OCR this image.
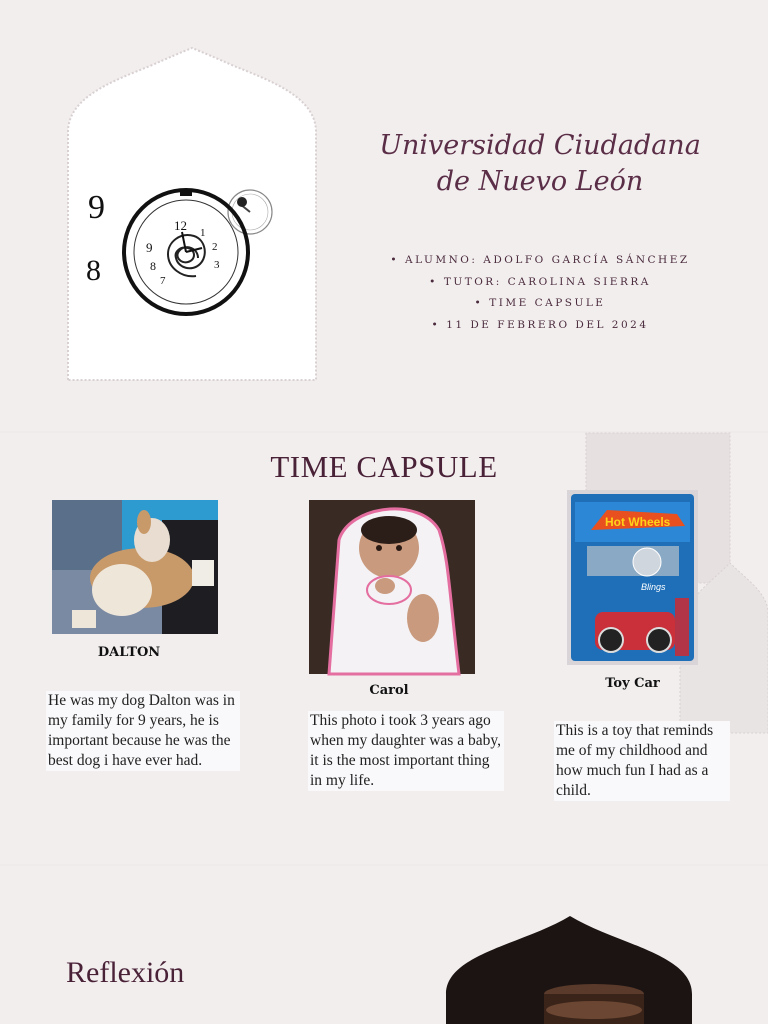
9
8
12 1
2
3
9
8
7
Universidad Ciudadana
de Nuevo León
• ALUMNO: ADOLFO GARCÍA SÁNCHEZ
• TUTOR: CAROLINA SIERRA
• TIME CAPSULE
• 11 DE FEBRERO DEL 2024
TIME CAPSULE
DALTON
He was my dog Dalton was in my family for 9 years, he is important because he was the best dog i have ever had.
Carol
This photo i took 3 years ago when my daughter was a baby, it is the most important thing in my life.
Hot Wheels
Blings
Toy Car
This is a toy that reminds me of my childhood and how much fun I had as a child.
Reflexión
